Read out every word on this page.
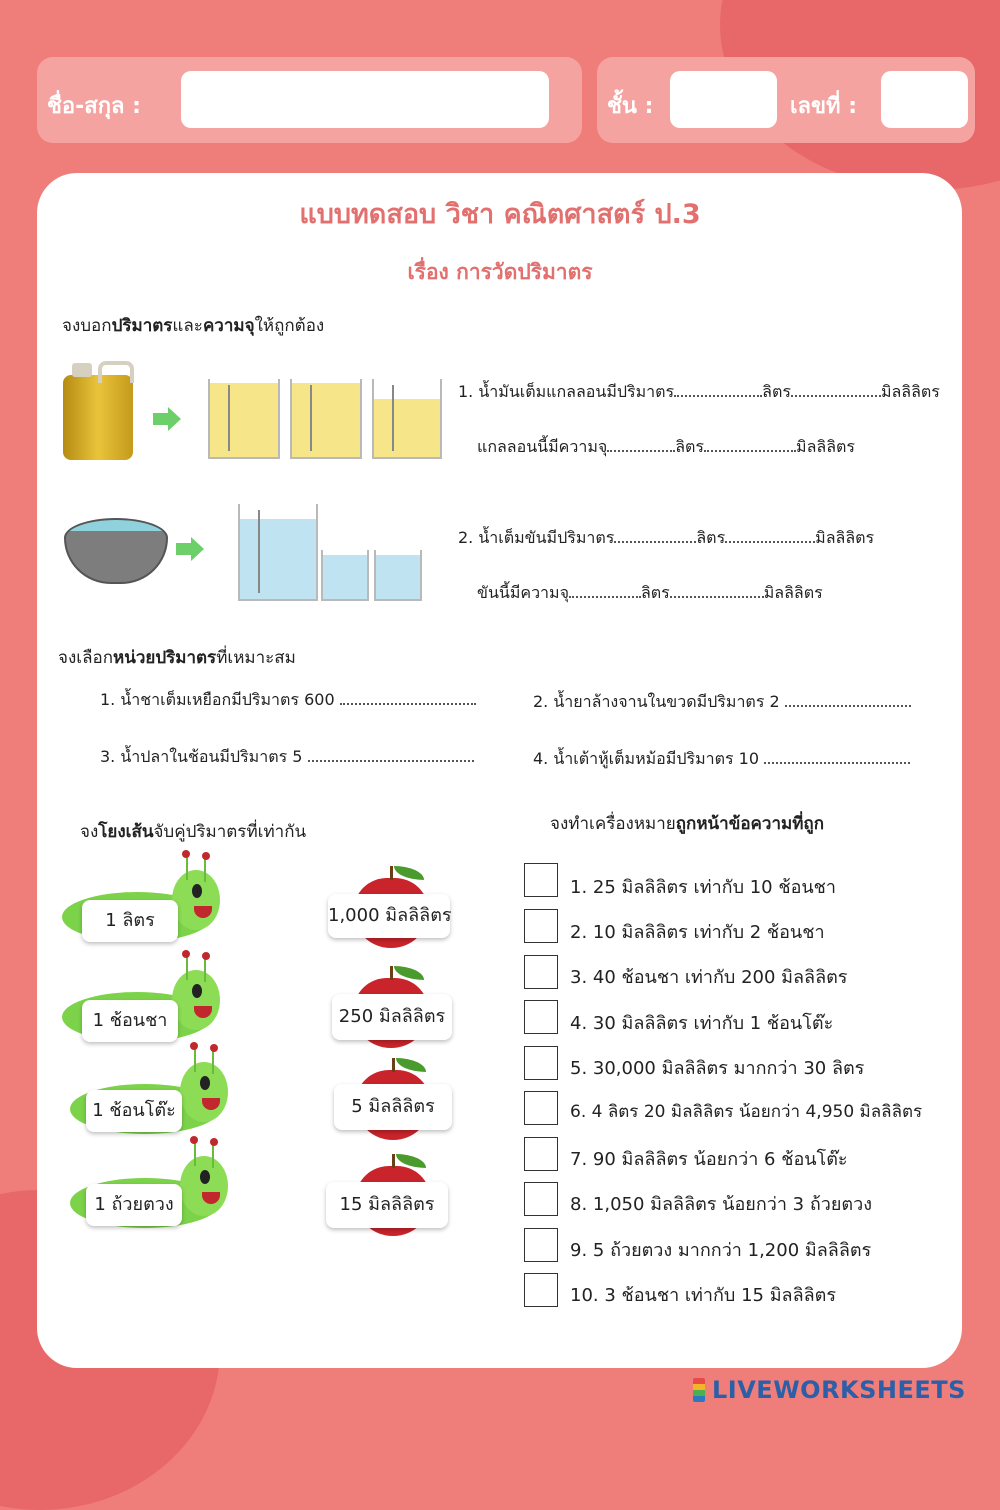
ชื่อ-สกุล :	ชั้น :	เลขที่ :
แบบทดสอบ วิชา คณิตศาสตร์ ป.3
เรื่อง การวัดปริมาตร
จงบอกปริมาตรและความจุให้ถูกต้อง
1. น้ำมันเต็มแกลลอนมีปริมาตร	ลิตร	มิลลิลิตร
แกลลอนนี้มีความจุ	ลิตร	มิลลิลิตร
2. น้ำเต็มขันมีปริมาตร	ลิตร	มิลลิลิตร
ขันนี้มีความจุ	ลิตร	มิลลิลิตร
จงเลือกหน่วยปริมาตรที่เหมาะสม
1. น้ำชาเต็มเหยือกมีปริมาตร 600	2. น้ำยาล้างจานในขวดมีปริมาตร 2
3. น้ำปลาในช้อนมีปริมาตร 5	4. น้ำเต้าหู้เต็มหม้อมีปริมาตร 10
จงโยงเส้นจับคู่ปริมาตรที่เท่ากัน
1 ลิตร
1 ช้อนชา
1 ช้อนโต๊ะ
1 ถ้วยตวง
1,000 มิลลิลิตร
250 มิลลิลิตร
5 มิลลิลิตร
15 มิลลิลิตร
จงทำเครื่องหมายถูกหน้าข้อความที่ถูก
1. 25 มิลลิลิตร เท่ากับ 10 ช้อนชา
2. 10 มิลลิลิตร เท่ากับ 2 ช้อนชา
3. 40 ช้อนชา เท่ากับ 200 มิลลิลิตร
4. 30 มิลลิลิตร เท่ากับ 1 ช้อนโต๊ะ
5. 30,000 มิลลิลิตร มากกว่า 30 ลิตร
6. 4 ลิตร 20 มิลลิลิตร น้อยกว่า 4,950 มิลลิลิตร
7. 90 มิลลิลิตร น้อยกว่า 6 ช้อนโต๊ะ
8. 1,050 มิลลิลิตร น้อยกว่า 3 ถ้วยตวง
9. 5 ถ้วยตวง มากกว่า 1,200 มิลลิลิตร
10. 3 ช้อนชา เท่ากับ 15 มิลลิลิตร
LIVEWORKSHEETS
